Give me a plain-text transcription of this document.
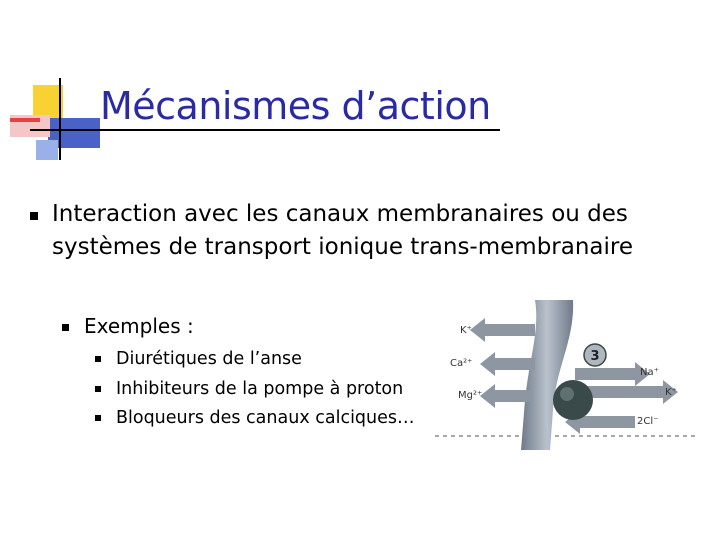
Mécanismes d’action
Interaction avec les canaux membranaires ou des systèmes de transport ionique trans-membranaire
Exemples :
Diurétiques de l’anse
Inhibiteurs de la pompe à proton
Bloqueurs des canaux calciques…
3
K⁺
Ca²⁺
Mg²⁺
Na⁺
K⁺
2Cl⁻
